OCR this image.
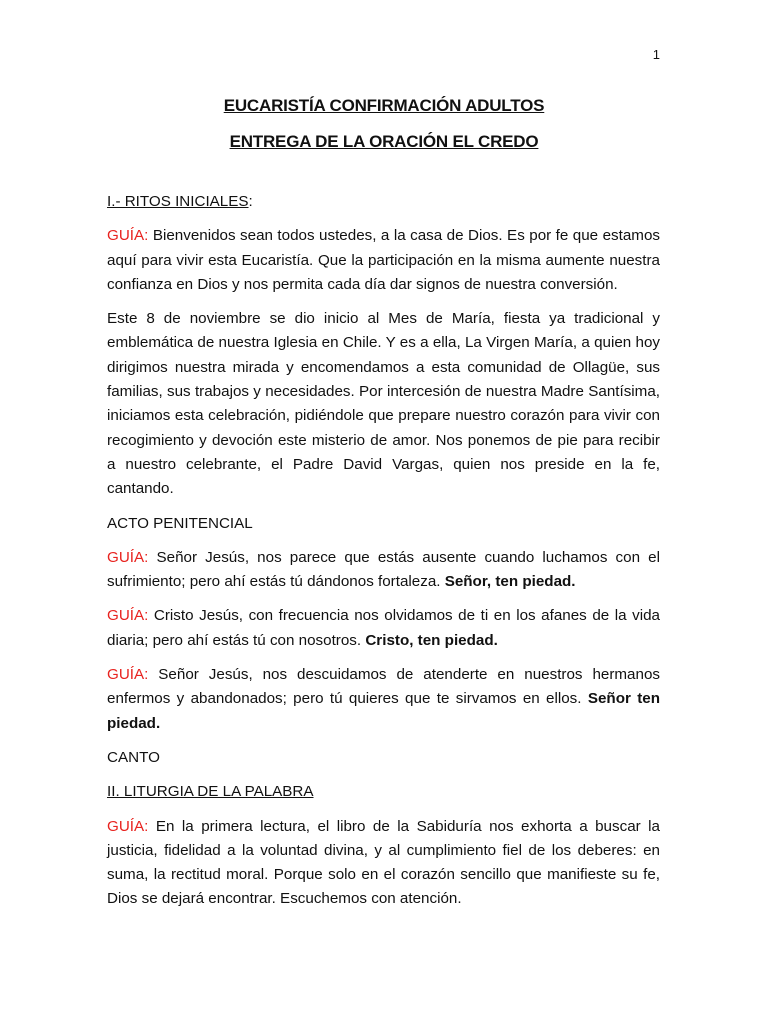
1
EUCARISTÍA CONFIRMACIÓN ADULTOS
ENTREGA DE LA ORACIÓN EL CREDO

I.- RITOS INICIALES:

GUÍA: Bienvenidos sean todos ustedes, a la casa de Dios. Es por fe que estamos aquí para vivir esta Eucaristía. Que la participación en la misma aumente nuestra confianza en Dios y nos permita cada día dar signos de nuestra conversión.

Este 8 de noviembre se dio inicio al Mes de María, fiesta ya tradicional y emblemática de nuestra Iglesia en Chile. Y es a ella, La Virgen María, a quien hoy dirigimos nuestra mirada y encomendamos a esta comunidad de Ollagüe, sus familias, sus trabajos y necesidades. Por intercesión de nuestra Madre Santísima, iniciamos esta celebración, pidiéndole que prepare nuestro corazón para vivir con recogimiento y devoción este misterio de amor. Nos ponemos de pie para recibir a nuestro celebrante, el Padre David Vargas, quien nos preside en la fe, cantando.

ACTO PENITENCIAL

GUÍA: Señor Jesús, nos parece que estás ausente cuando luchamos con el sufrimiento; pero ahí estás tú dándonos fortaleza. Señor, ten piedad.

GUÍA: Cristo Jesús, con frecuencia nos olvidamos de ti en los afanes de la vida diaria; pero ahí estás tú con nosotros. Cristo, ten piedad.

GUÍA: Señor Jesús, nos descuidamos de atenderte en nuestros hermanos enfermos y abandonados; pero tú quieres que te sirvamos en ellos. Señor ten piedad.

CANTO

II. LITURGIA DE LA PALABRA

GUÍA: En la primera lectura, el libro de la Sabiduría nos exhorta a buscar la justicia, fidelidad a la voluntad divina, y al cumplimiento fiel de los deberes: en suma, la rectitud moral. Porque solo en el corazón sencillo que manifieste su fe, Dios se dejará encontrar. Escuchemos con atención.
